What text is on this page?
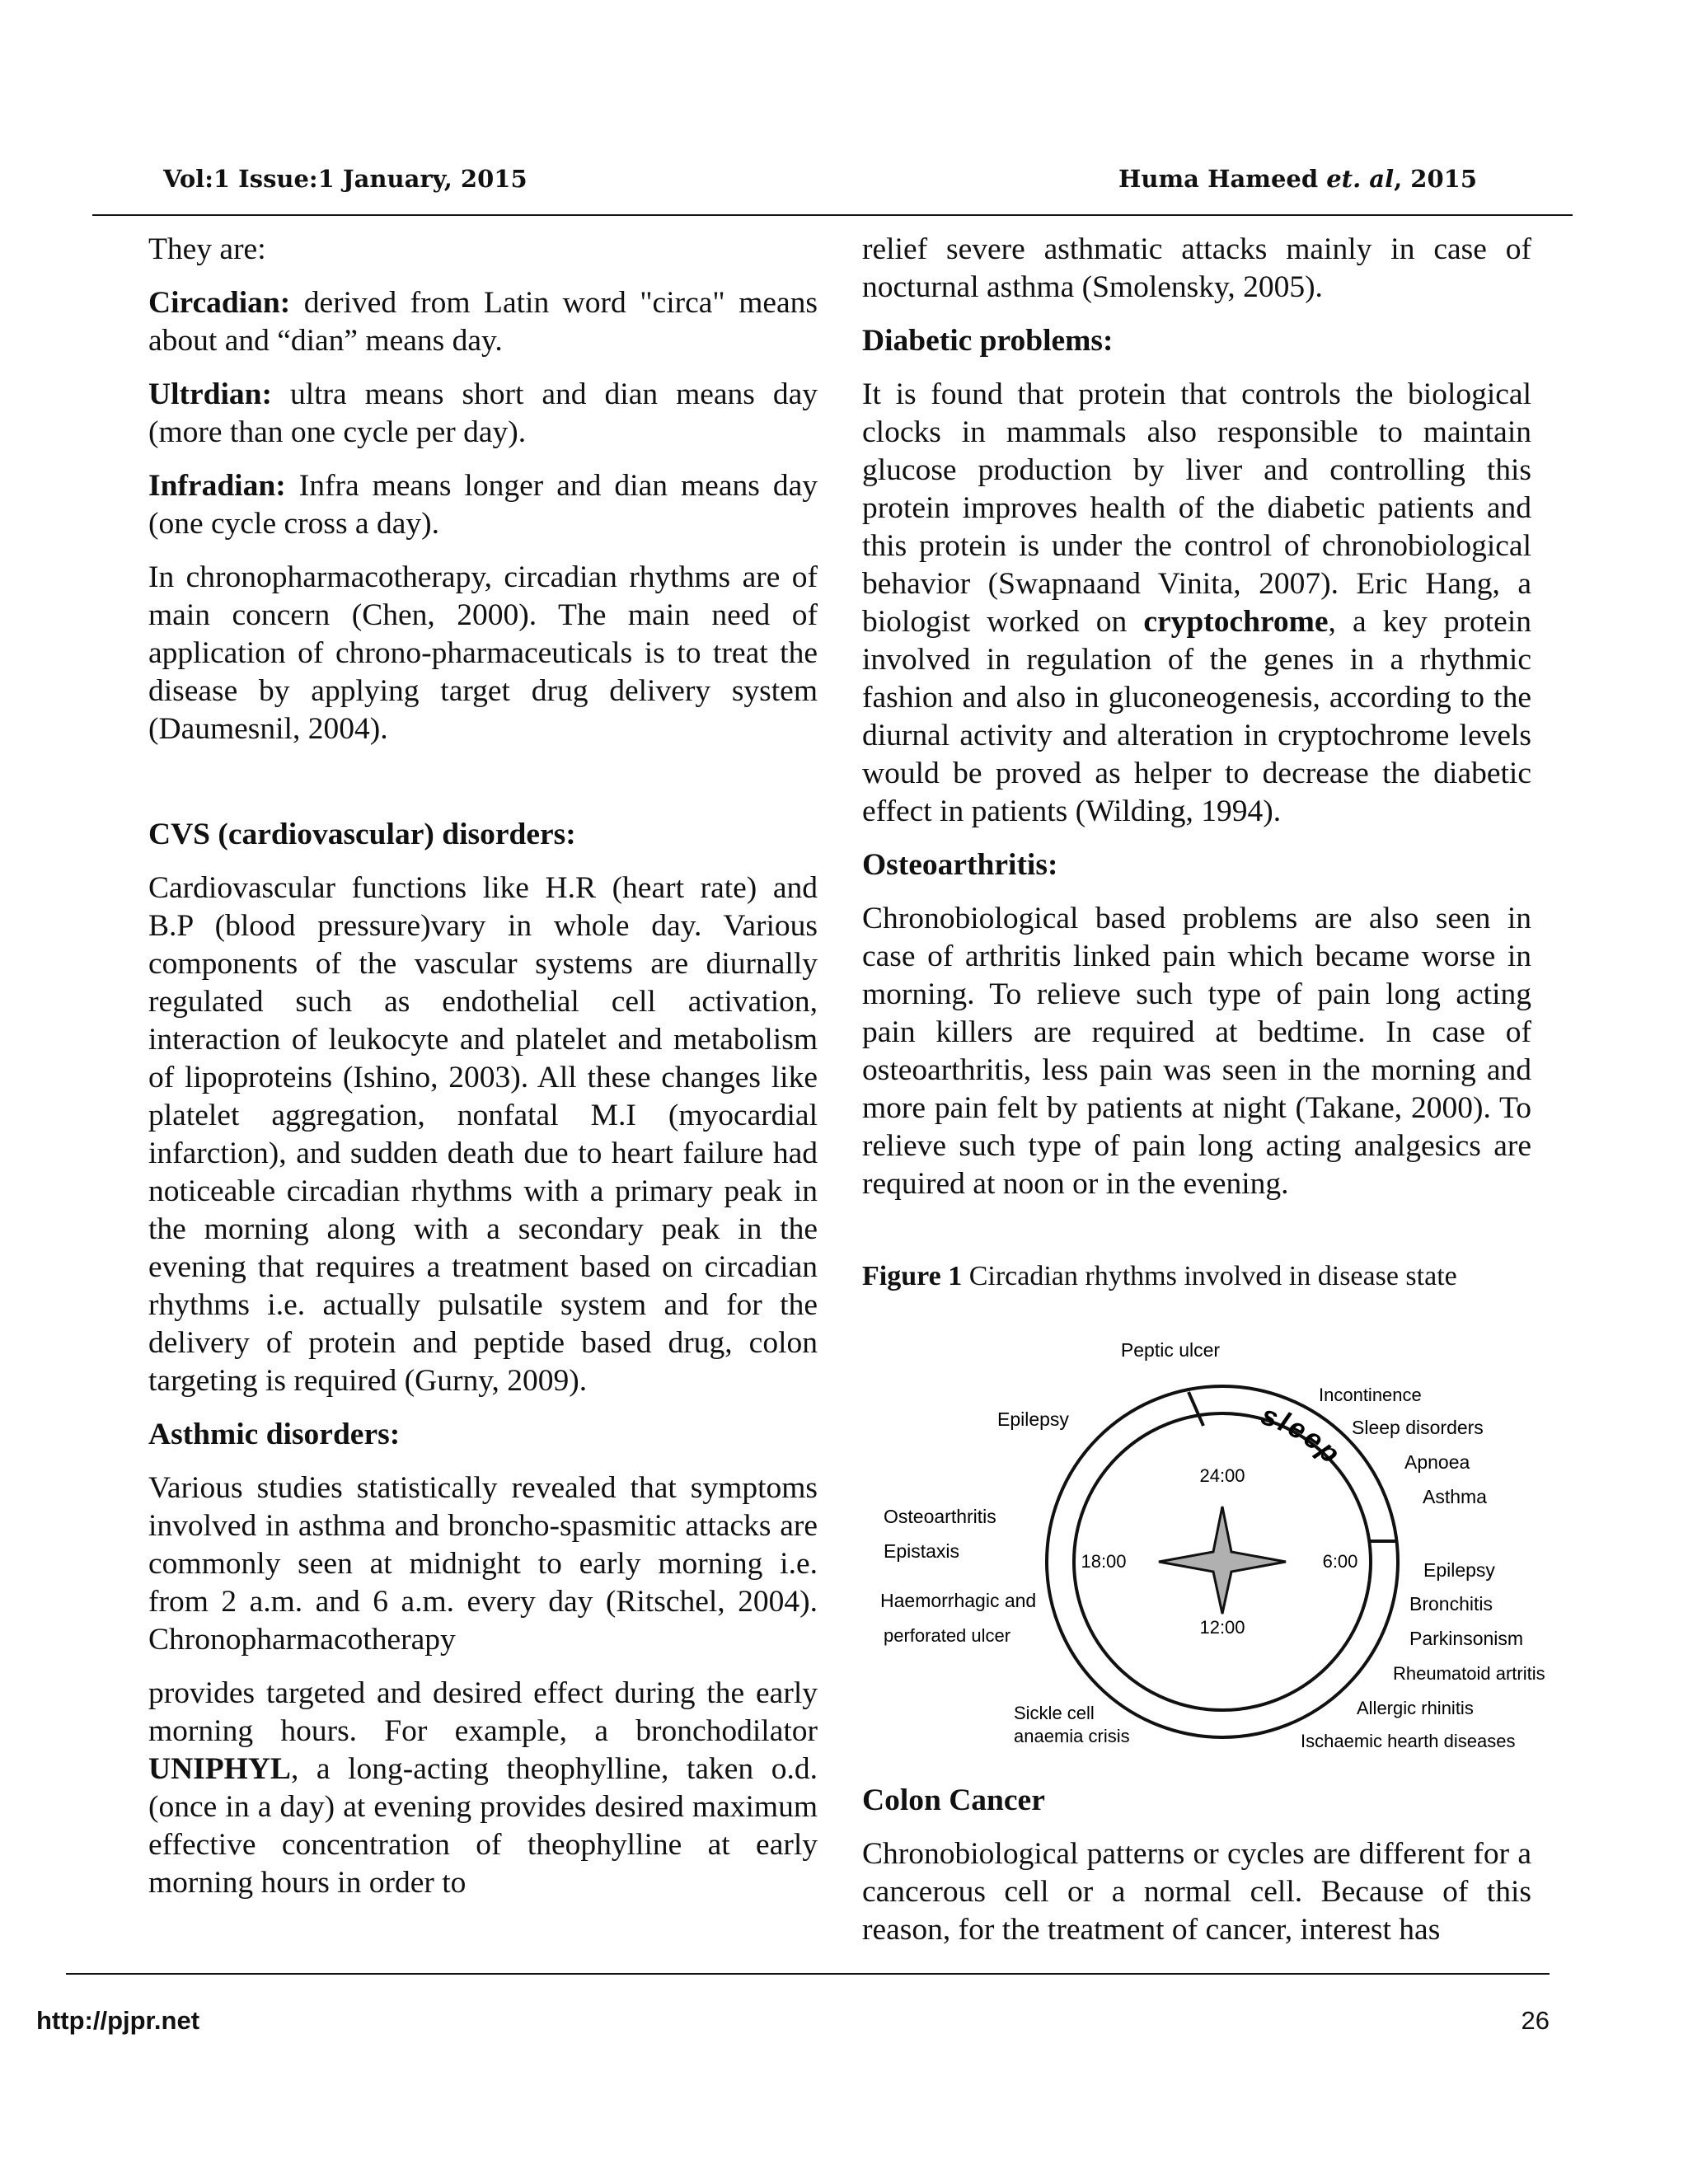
Vol:1 Issue:1 January, 2015	Huma Hameed et. al, 2015

They are:

Circadian: derived from Latin word "circa" means about and “dian” means day.

Ultrdian: ultra means short and dian means day (more than one cycle per day).

Infradian: Infra means longer and dian means day (one cycle cross a day).

In chronopharmacotherapy, circadian rhythms are of main concern (Chen, 2000). The main need of application of chrono-pharmaceuticals is to treat the disease by applying target drug delivery system (Daumesnil, 2004).

CVS (cardiovascular) disorders:

Cardiovascular functions like H.R (heart rate) and B.P (blood pressure)vary in whole day. Various components of the vascular systems are diurnally regulated such as endothelial cell activation, interaction of leukocyte and platelet and metabolism of lipoproteins (Ishino, 2003). All these changes like platelet aggregation, nonfatal M.I (myocardial infarction), and sudden death due to heart failure had noticeable circadian rhythms with a primary peak in the morning along with a secondary peak in the evening that requires a treatment based on circadian rhythms i.e. actually pulsatile system and for the delivery of protein and peptide based drug, colon targeting is required (Gurny, 2009).

Asthmic disorders:

Various studies statistically revealed that symptoms involved in asthma and broncho-spasmitic attacks are commonly seen at midnight to early morning i.e. from 2 a.m. and 6 a.m. every day (Ritschel, 2004). Chronopharmacotherapy

provides targeted and desired effect during the early morning hours. For example, a bronchodilator UNIPHYL, a long-acting theophylline, taken o.d. (once in a day) at evening provides desired maximum effective concentration of theophylline at early morning hours in order to

relief severe asthmatic attacks mainly in case of nocturnal asthma (Smolensky, 2005).

Diabetic problems:

It is found that protein that controls the biological clocks in mammals also responsible to maintain glucose production by liver and controlling this protein improves health of the diabetic patients and this protein is under the control of chronobiological behavior (Swapnaand Vinita, 2007). Eric Hang, a biologist worked on cryptochrome, a key protein involved in regulation of the genes in a rhythmic fashion and also in gluconeogenesis, according to the diurnal activity and alteration in cryptochrome levels would be proved as helper to decrease the diabetic effect in patients (Wilding, 1994).

Osteoarthritis:

Chronobiological based problems are also seen in case of arthritis linked pain which became worse in morning. To relieve such type of pain long acting pain killers are required at bedtime. In case of osteoarthritis, less pain was seen in the morning and more pain felt by patients at night (Takane, 2000). To relieve such type of pain long acting analgesics are required at noon or in the evening.

Figure 1 Circadian rhythms involved in disease state
24:00
6:00
12:00
18:00
sleep
Peptic ulcer
Epilepsy
Incontinence
Sleep disorders
Apnoea
Asthma
Osteoarthritis
Epistaxis
Haemorrhagic and
perforated ulcer
Epilepsy
Bronchitis
Parkinsonism
Rheumatoid artritis
Allergic rhinitis
Ischaemic hearth diseases
Sickle cell
anaemia crisis
Colon Cancer

Chronobiological patterns or cycles are different for a cancerous cell or a normal cell. Because of this reason, for the treatment of cancer, interest has

http://pjpr.net	26
